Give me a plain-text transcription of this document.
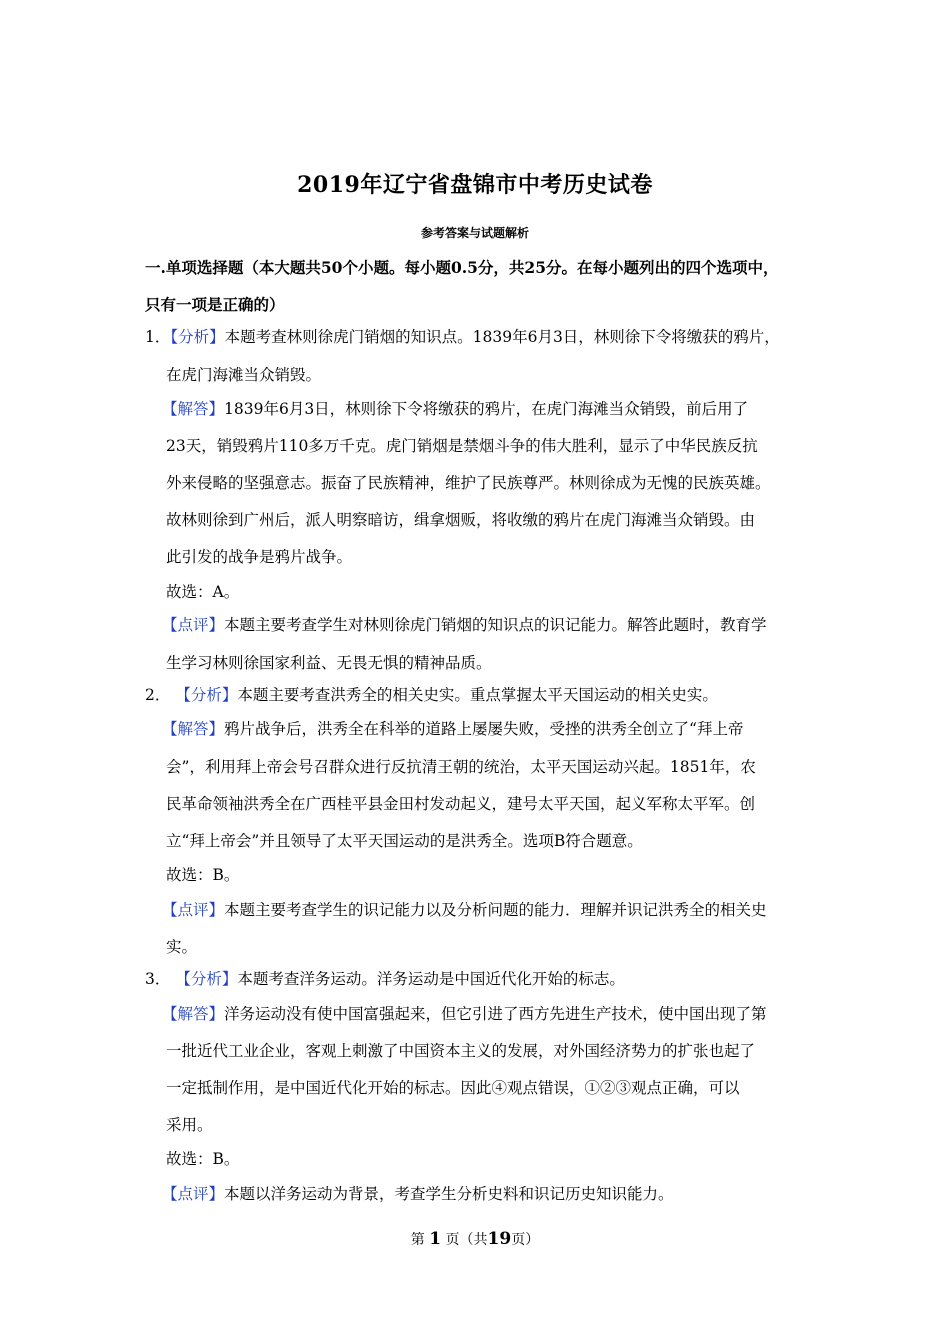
2019年辽宁省盘锦市中考历史试卷
参考答案与试题解析
一.单项选择题（本大题共50个小题。每小题0.5分，共25分。在每小题列出的四个选项中，
只有一项是正确的）
1．【分析】本题考查林则徐虎门销烟的知识点。1839年6月3日，林则徐下令将缴获的鸦片，
在虎门海滩当众销毁。
【解答】1839年6月3日，林则徐下令将缴获的鸦片，在虎门海滩当众销毁，前后用了
23天，销毁鸦片110多万千克。虎门销烟是禁烟斗争的伟大胜利，显示了中华民族反抗
外来侵略的坚强意志。振奋了民族精神，维护了民族尊严。林则徐成为无愧的民族英雄。
故林则徐到广州后，派人明察暗访，缉拿烟贩，将收缴的鸦片在虎门海滩当众销毁。由
此引发的战争是鸦片战争。
故选：A。
【点评】本题主要考查学生对林则徐虎门销烟的知识点的识记能力。解答此题时，教育学
生学习林则徐国家利益、无畏无惧的精神品质。
2． 【分析】本题主要考查洪秀全的相关史实。重点掌握太平天国运动的相关史实。
【解答】鸦片战争后，洪秀全在科举的道路上屡屡失败，受挫的洪秀全创立了“拜上帝
会”，利用拜上帝会号召群众进行反抗清王朝的统治，太平天国运动兴起。1851年，农
民革命领袖洪秀全在广西桂平县金田村发动起义，建号太平天国，起义军称太平军。创
立“拜上帝会”并且领导了太平天国运动的是洪秀全。选项B符合题意。
故选：B。
【点评】本题主要考查学生的识记能力以及分析问题的能力．理解并识记洪秀全的相关史
实。
3． 【分析】本题考查洋务运动。洋务运动是中国近代化开始的标志。
【解答】洋务运动没有使中国富强起来，但它引进了西方先进生产技术，使中国出现了第
一批近代工业企业，客观上刺激了中国资本主义的发展，对外国经济势力的扩张也起了
一定抵制作用，是中国近代化开始的标志。因此④观点错误，①②③观点正确，可以
采用。
故选：B。
【点评】本题以洋务运动为背景，考查学生分析史料和识记历史知识能力。
第 1 页（共19页）
